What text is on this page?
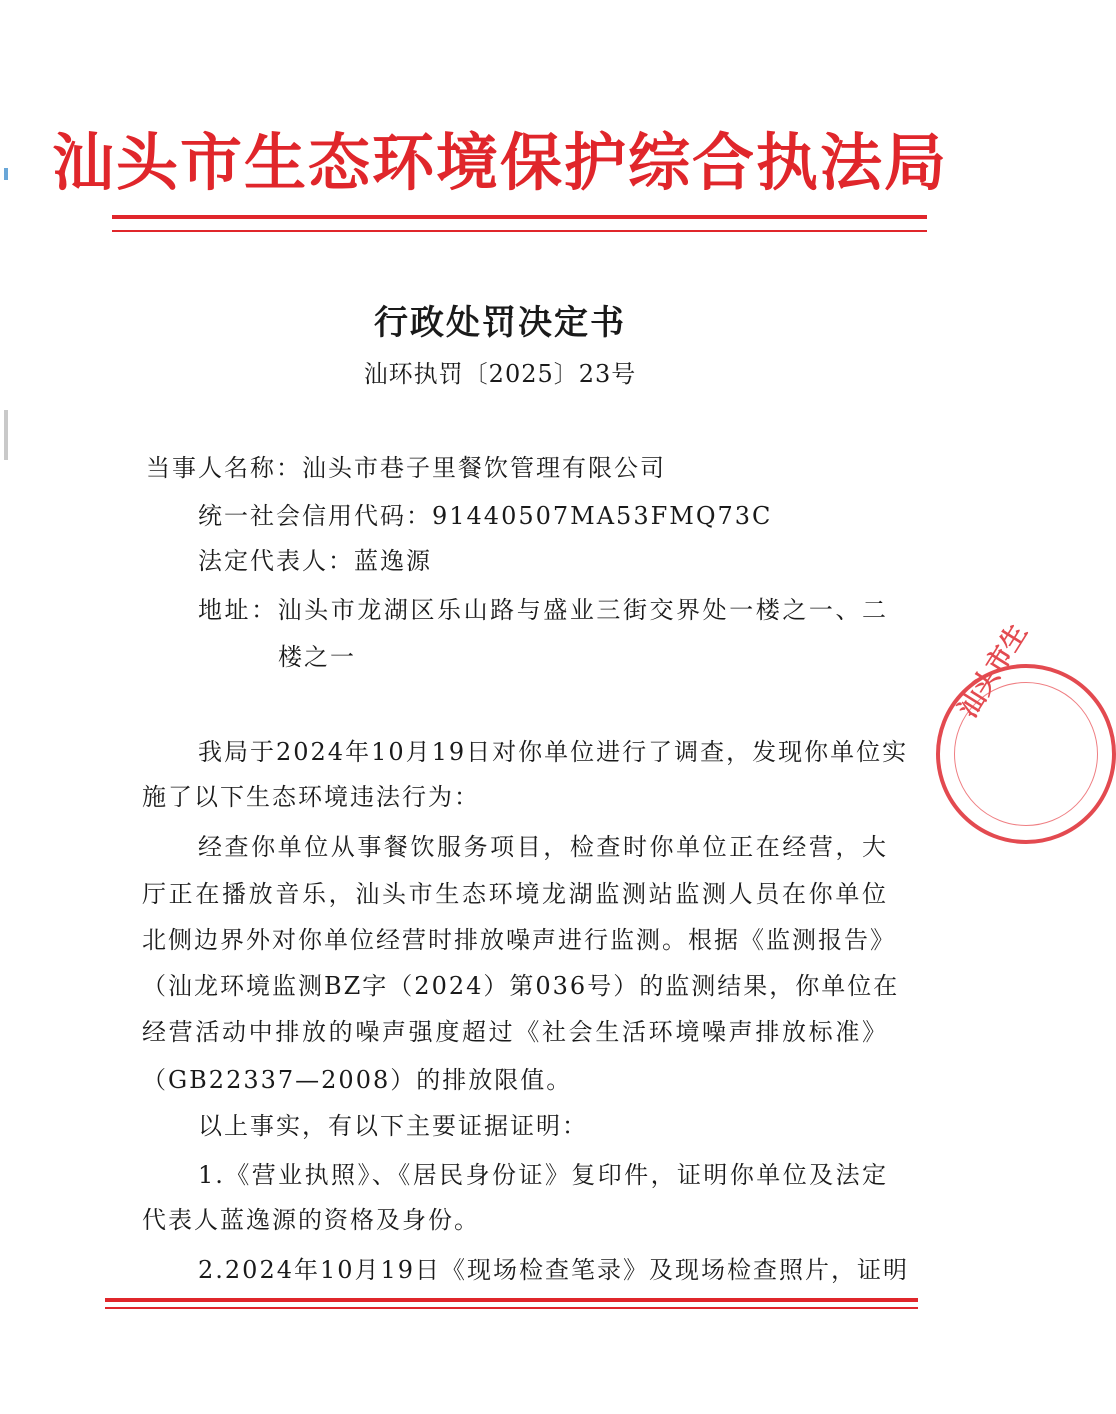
汕头市生态环境保护综合执法局
行政处罚决定书
汕环执罚〔2025〕23号
当事人名称：汕头市巷子里餐饮管理有限公司
统一社会信用代码：91440507MA53FMQ73C
法定代表人：蓝逸源
地址：汕头市龙湖区乐山路与盛业三街交界处一楼之一、二
楼之一
我局于2024年10月19日对你单位进行了调查，发现你单位实
施了以下生态环境违法行为：
经查你单位从事餐饮服务项目，检查时你单位正在经营，大
厅正在播放音乐，汕头市生态环境龙湖监测站监测人员在你单位
北侧边界外对你单位经营时排放噪声进行监测。根据《监测报告》
（汕龙环境监测BZ字（2024）第036号）的监测结果，你单位在
经营活动中排放的噪声强度超过《社会生活环境噪声排放标准》
（GB22337—2008）的排放限值。
以上事实，有以下主要证据证明：
1.《营业执照》、《居民身份证》复印件，证明你单位及法定
代表人蓝逸源的资格及身份。
2.2024年10月19日《现场检查笔录》及现场检查照片，证明
汕头市生
